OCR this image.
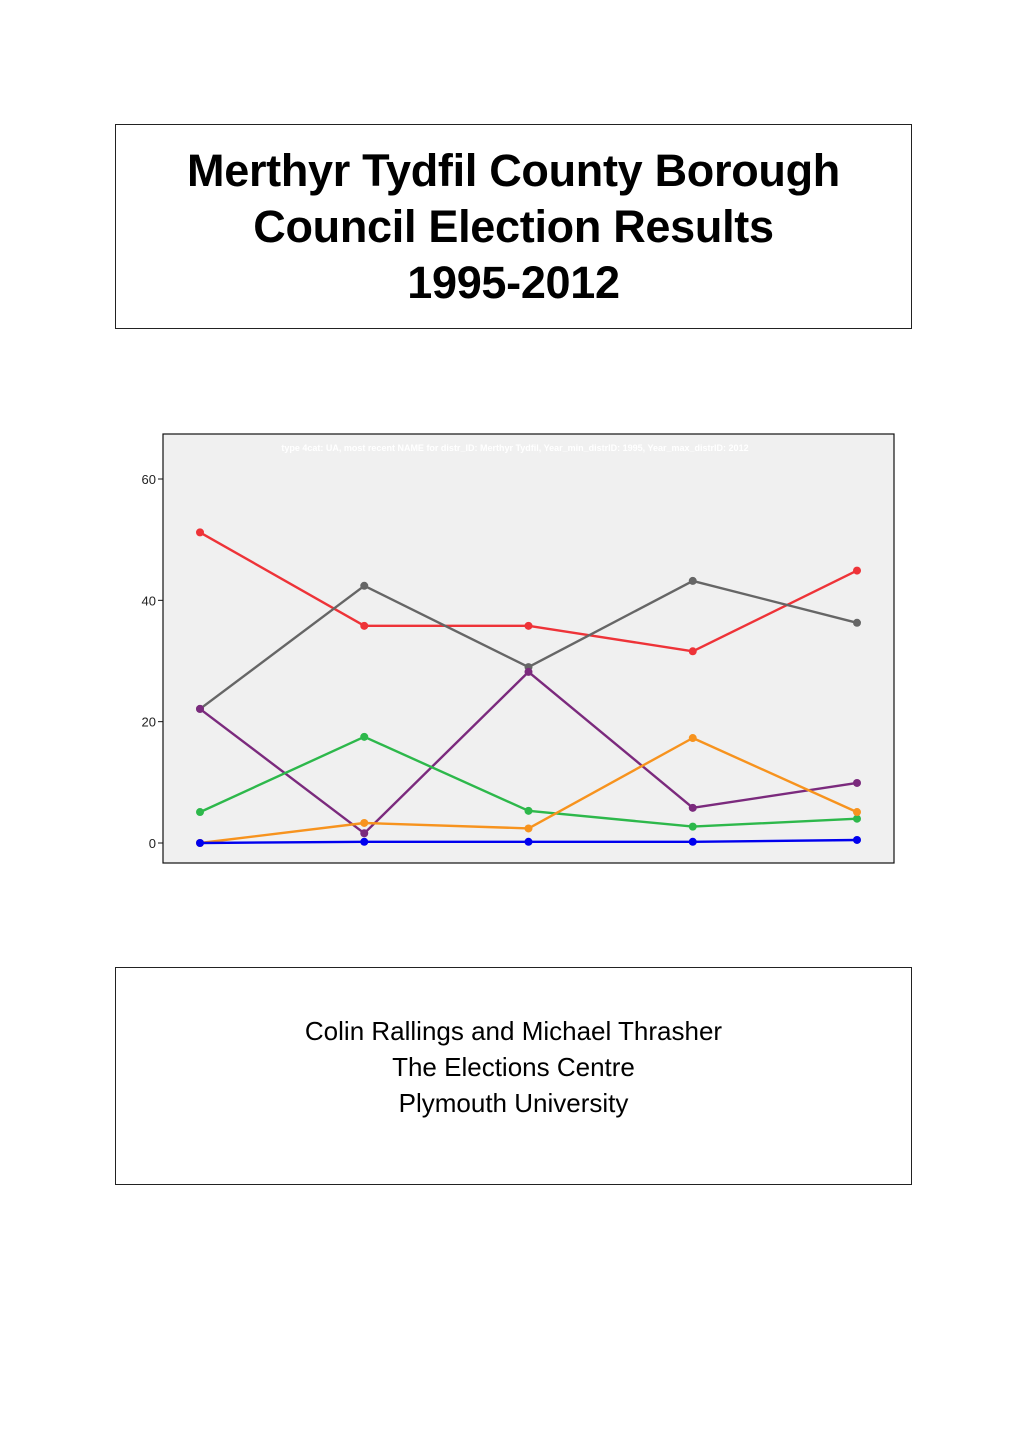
Merthyr Tydfil County Borough
Council Election Results
1995-2012
type 4cat: UA, most recent NAME for distr_ID: Merthyr Tydfil, Year_min_distrID: 1995, Year_max_distrID: 2012
0
20
40
60
Colin Rallings and Michael Thrasher
The Elections Centre
Plymouth University
